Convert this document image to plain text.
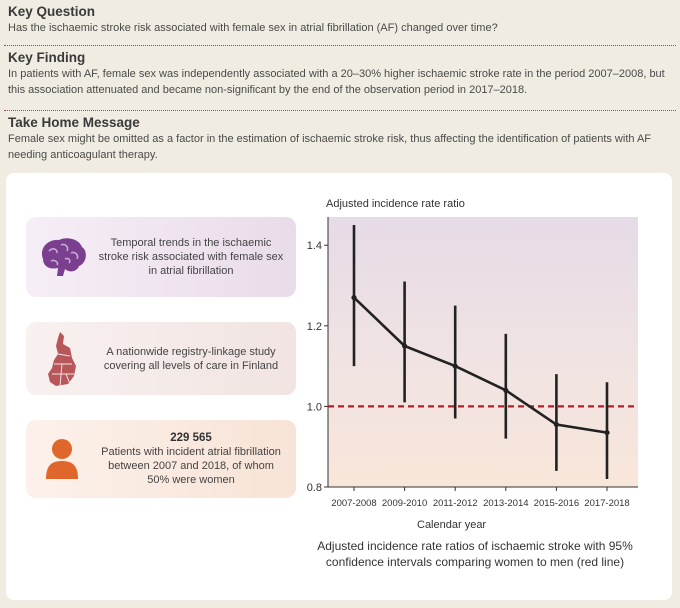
Key Question
Has the ischaemic stroke risk associated with female sex in atrial fibrillation (AF) changed over time?
Key Finding
In patients with AF, female sex was independently associated with a 20–30% higher ischaemic stroke rate in the period 2007–2008, but this association attenuated and became non-significant by the end of the observation period in 2017–2018.
Take Home Message
Female sex might be omitted as a factor in the estimation of ischaemic stroke risk, thus affecting the identification of patients with AF needing anticoagulant therapy.
Temporal trends in the ischaemic stroke risk associated with female sex in atrial fibrillation
A nationwide registry-linkage study covering all levels of care in Finland
229 565
Patients with incident atrial fibrillation between 2007 and 2018, of whom 50% were women
Adjusted incidence rate ratio
1.4
1.2
1.0
0.8
2007-2008 2009-2010 2011-2012 2013-2014 2015-2016 2017-2018
Calendar year
Adjusted incidence rate ratios of ischaemic stroke with 95% confidence intervals comparing women to men (red line)
